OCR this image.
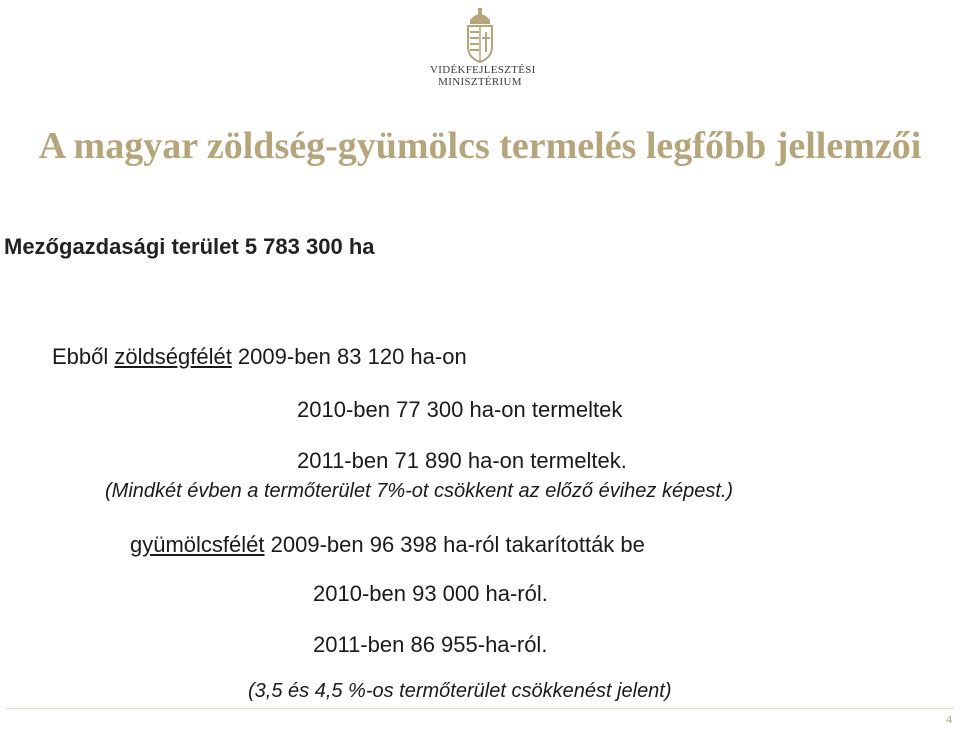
VIDÉKFEJLESZTÉSI
MINISZTÉRIUM
A magyar zöldség-gyümölcs termelés legfőbb jellemzői

Mezőgazdasági terület 5 783 300 ha

Ebből zöldségfélét 2009-ben 83 120 ha-on

2010-ben 77 300 ha-on termeltek

2011-ben 71 890 ha-on termeltek.

(Mindkét évben a termőterület 7%-ot csökkent az előző évihez képest.)

gyümölcsfélét 2009-ben 96 398 ha-ról takarították be

2010-ben 93 000 ha-ról.

2011-ben 86 955-ha-ról.

(3,5 és 4,5 %-os termőterület csökkenést jelent)

4
